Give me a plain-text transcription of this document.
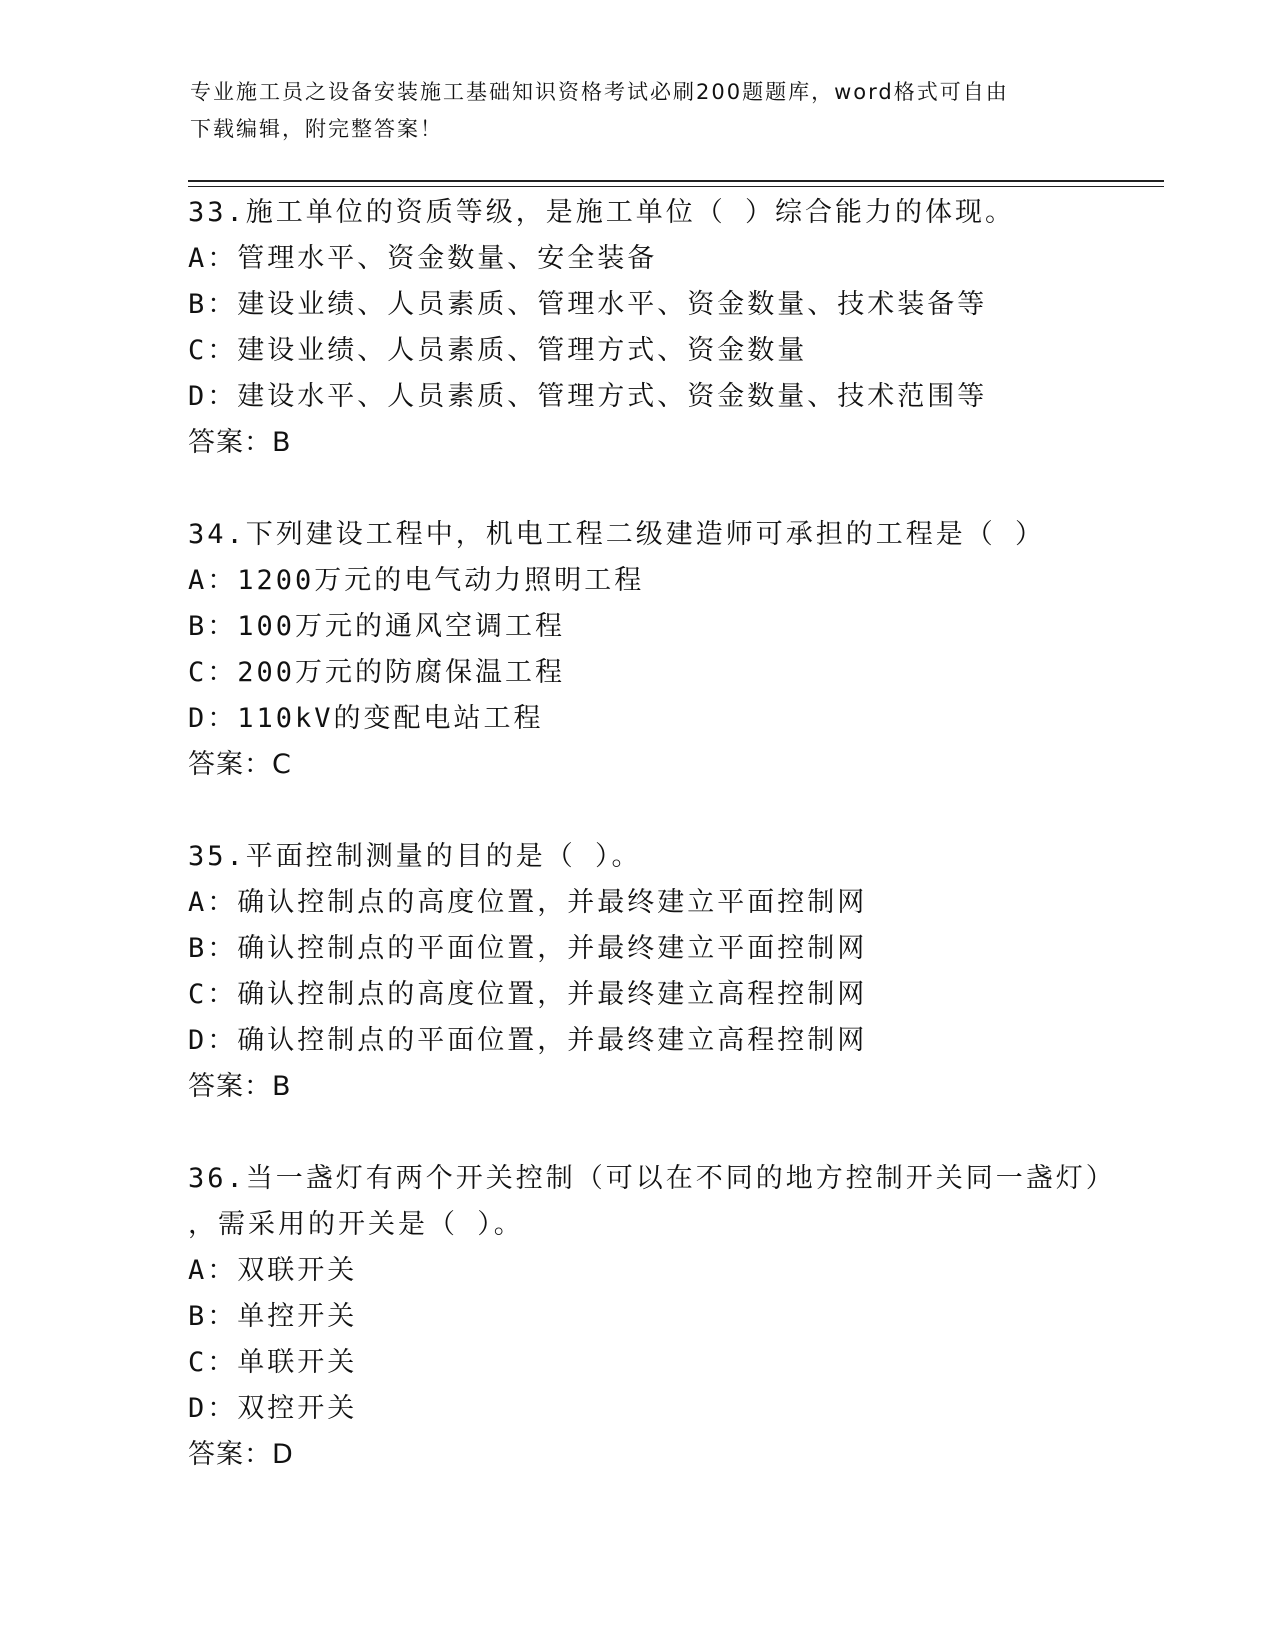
专业施工员之设备安装施工基础知识资格考试必刷200题题库，word格式可自由
下载编辑，附完整答案！
33.施工单位的资质等级，是施工单位（ ）综合能力的体现。
A：管理水平、资金数量、安全装备
B：建设业绩、人员素质、管理水平、资金数量、技术装备等
C：建设业绩、人员素质、管理方式、资金数量
D：建设水平、人员素质、管理方式、资金数量、技术范围等
答案：B
34.下列建设工程中，机电工程二级建造师可承担的工程是（ ）
A：1200万元的电气动力照明工程
B：100万元的通风空调工程
C：200万元的防腐保温工程
D：110kV的变配电站工程
答案：C
35.平面控制测量的目的是（ ）。
A：确认控制点的高度位置，并最终建立平面控制网
B：确认控制点的平面位置，并最终建立平面控制网
C：确认控制点的高度位置，并最终建立高程控制网
D：确认控制点的平面位置，并最终建立高程控制网
答案：B
36.当一盏灯有两个开关控制（可以在不同的地方控制开关同一盏灯）
，需采用的开关是（ ）。
A：双联开关
B：单控开关
C：单联开关
D：双控开关
答案：D
